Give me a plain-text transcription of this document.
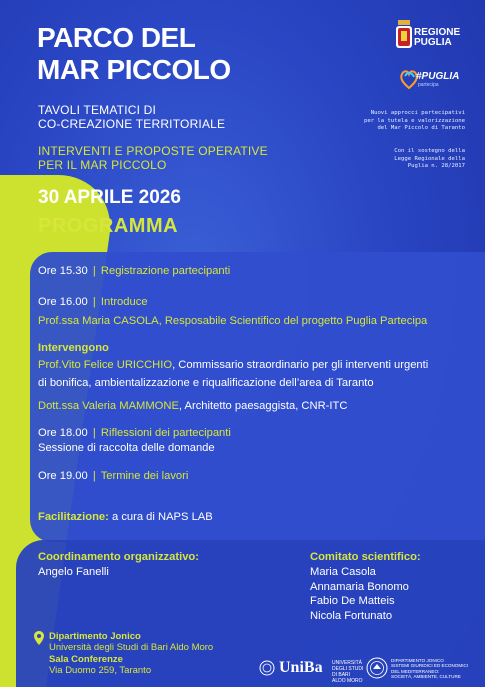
PARCO DEL
MAR PICCOLO
TAVOLI TEMATICI DI
CO-CREAZIONE TERRITORIALE
INTERVENTI E PROPOSTE OPERATIVE
PER IL MAR PICCOLO
30 APRILE 2026
PROGRAMMA
REGIONE
PUGLIA
#PUGLIA
partecipa
Nuovi approcci partecipativi
per la tutela e valorizzazione
del Mar Piccolo di Taranto
Con il sostegno della
Legge Regionale della
Puglia n. 28/2017
Ore 15.30 | Registrazione partecipanti
Ore 16.00 | Introduce
Prof.ssa Maria CASOLA, Resposabile Scientifico del progetto Puglia Partecipa
Intervengono
Prof.Vito Felice URICCHIO, Commissario straordinario per gli interventi urgenti
di bonifica, ambientalizzazione e riqualificazione dell’area di Taranto
Dott.ssa Valeria MAMMONE, Architetto paesaggista, CNR-ITC
Ore 18.00 | Riflessioni dei partecipanti
Sessione di raccolta delle domande
Ore 19.00 | Termine dei lavori
Facilitazione: a cura di NAPS LAB
Coordinamento organizzativo:
Angelo Fanelli
Comitato scientifico:
Maria Casola
Annamaria Bonomo
Fabio De Matteis
Nicola Fortunato
Dipartimento Jonico
Università degli Studi di Bari Aldo Moro
Sala Conferenze
Via Duomo 259, Taranto	UniBa UNIVERSITÀ
DEGLI STUDI
DI BARI
ALDO MORO
DIPARTIMENTO JONICO
SISTEMI GIURIDICI ED ECONOMICI
DEL MEDITERRANEO:
SOCIETÀ, AMBIENTE, CULTURE
